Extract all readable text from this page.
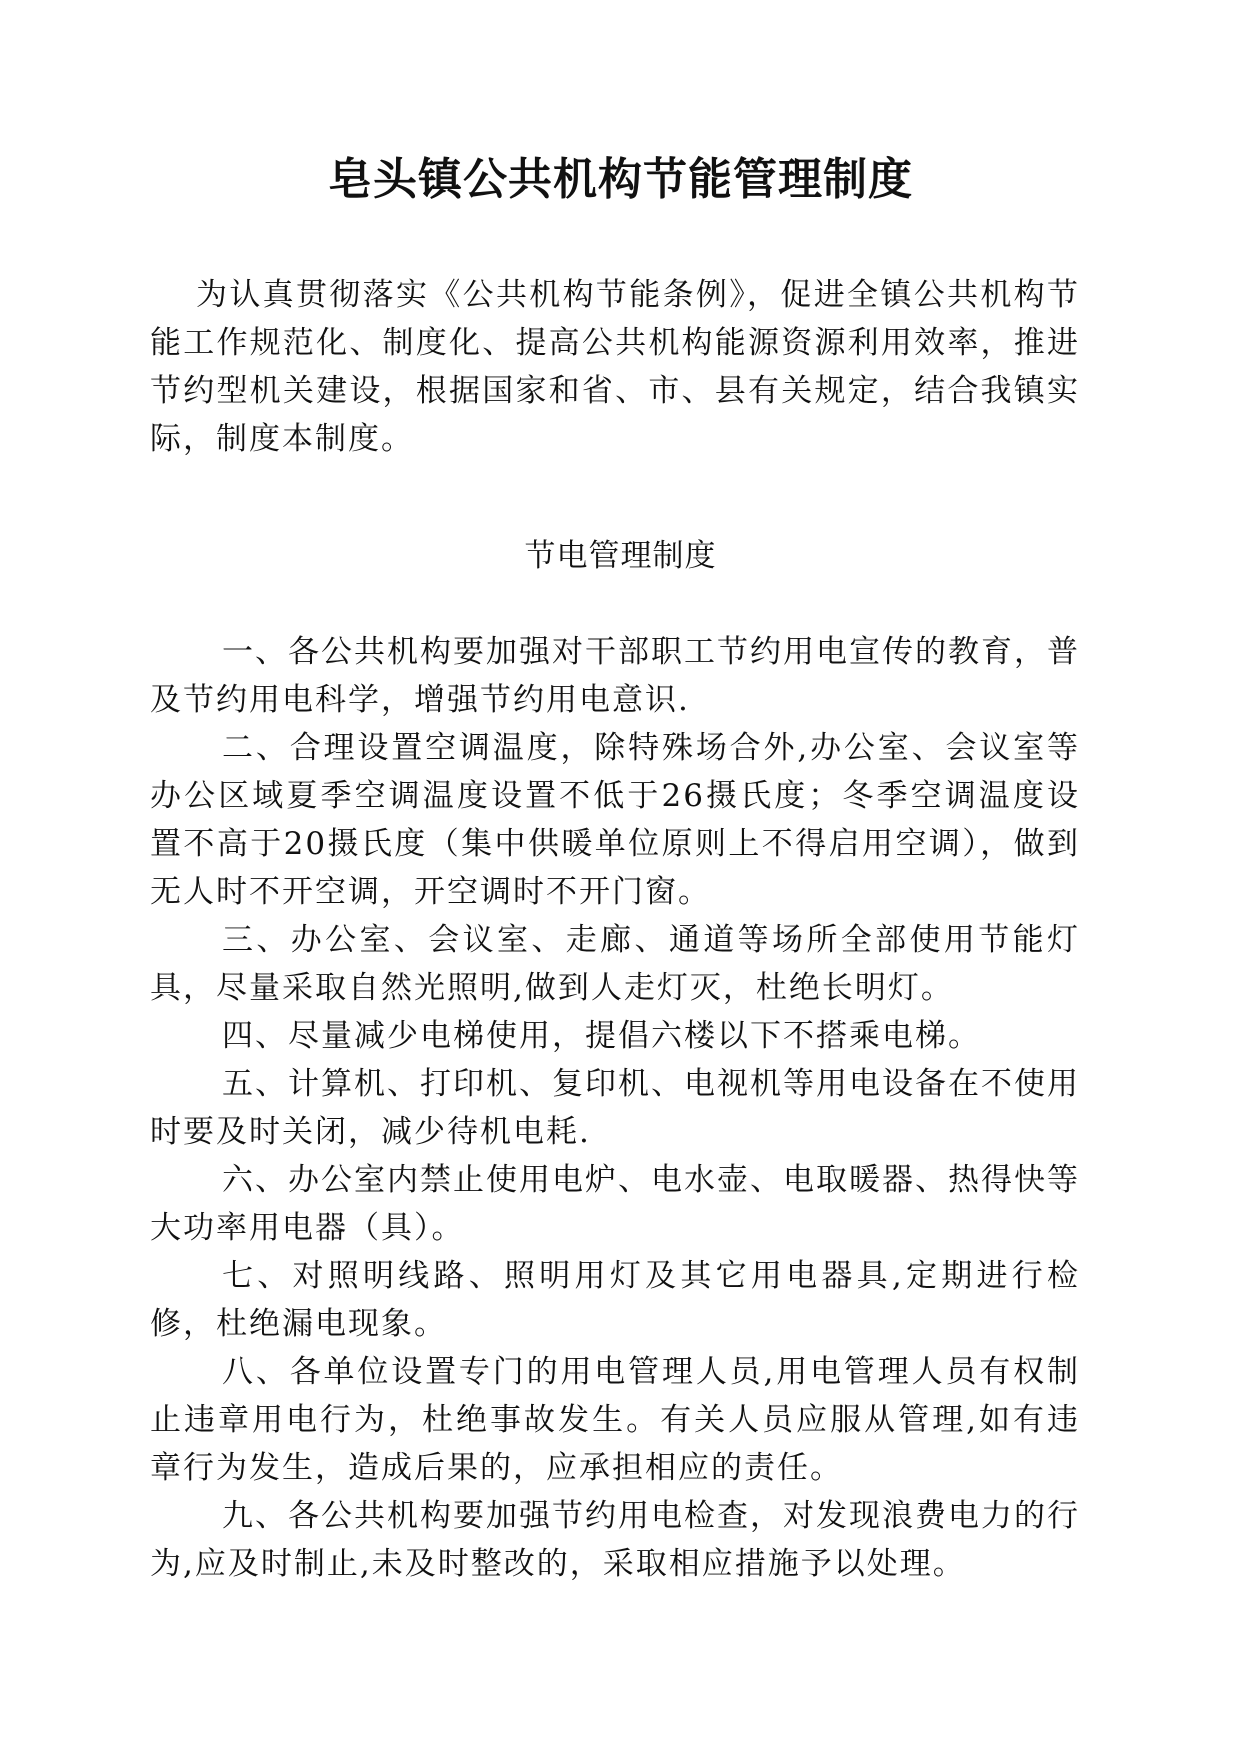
皂头镇公共机构节能管理制度

为认真贯彻落实《公共机构节能条例》，促进全镇公共机构节能工作规范化、制度化、提高公共机构能源资源利用效率，推进节约型机关建设，根据国家和省、市、县有关规定，结合我镇实际，制度本制度。

节电管理制度
一、各公共机构要加强对干部职工节约用电宣传的教育，普及节约用电科学，增强节约用电意识.
二、合理设置空调温度，除特殊场合外,办公室、会议室等办公区域夏季空调温度设置不低于26摄氏度；冬季空调温度设置不高于20摄氏度（集中供暖单位原则上不得启用空调），做到无人时不开空调，开空调时不开门窗。
三、办公室、会议室、走廊、通道等场所全部使用节能灯具，尽量采取自然光照明,做到人走灯灭，杜绝长明灯。
四、尽量减少电梯使用，提倡六楼以下不搭乘电梯。
五、计算机、打印机、复印机、电视机等用电设备在不使用时要及时关闭，减少待机电耗.
六、办公室内禁止使用电炉、电水壶、电取暖器、热得快等大功率用电器（具）。
七、对照明线路、照明用灯及其它用电器具,定期进行检修，杜绝漏电现象。
八、各单位设置专门的用电管理人员,用电管理人员有权制止违章用电行为，杜绝事故发生。有关人员应服从管理,如有违章行为发生，造成后果的，应承担相应的责任。
九、各公共机构要加强节约用电检查，对发现浪费电力的行为,应及时制止,未及时整改的，采取相应措施予以处理。
